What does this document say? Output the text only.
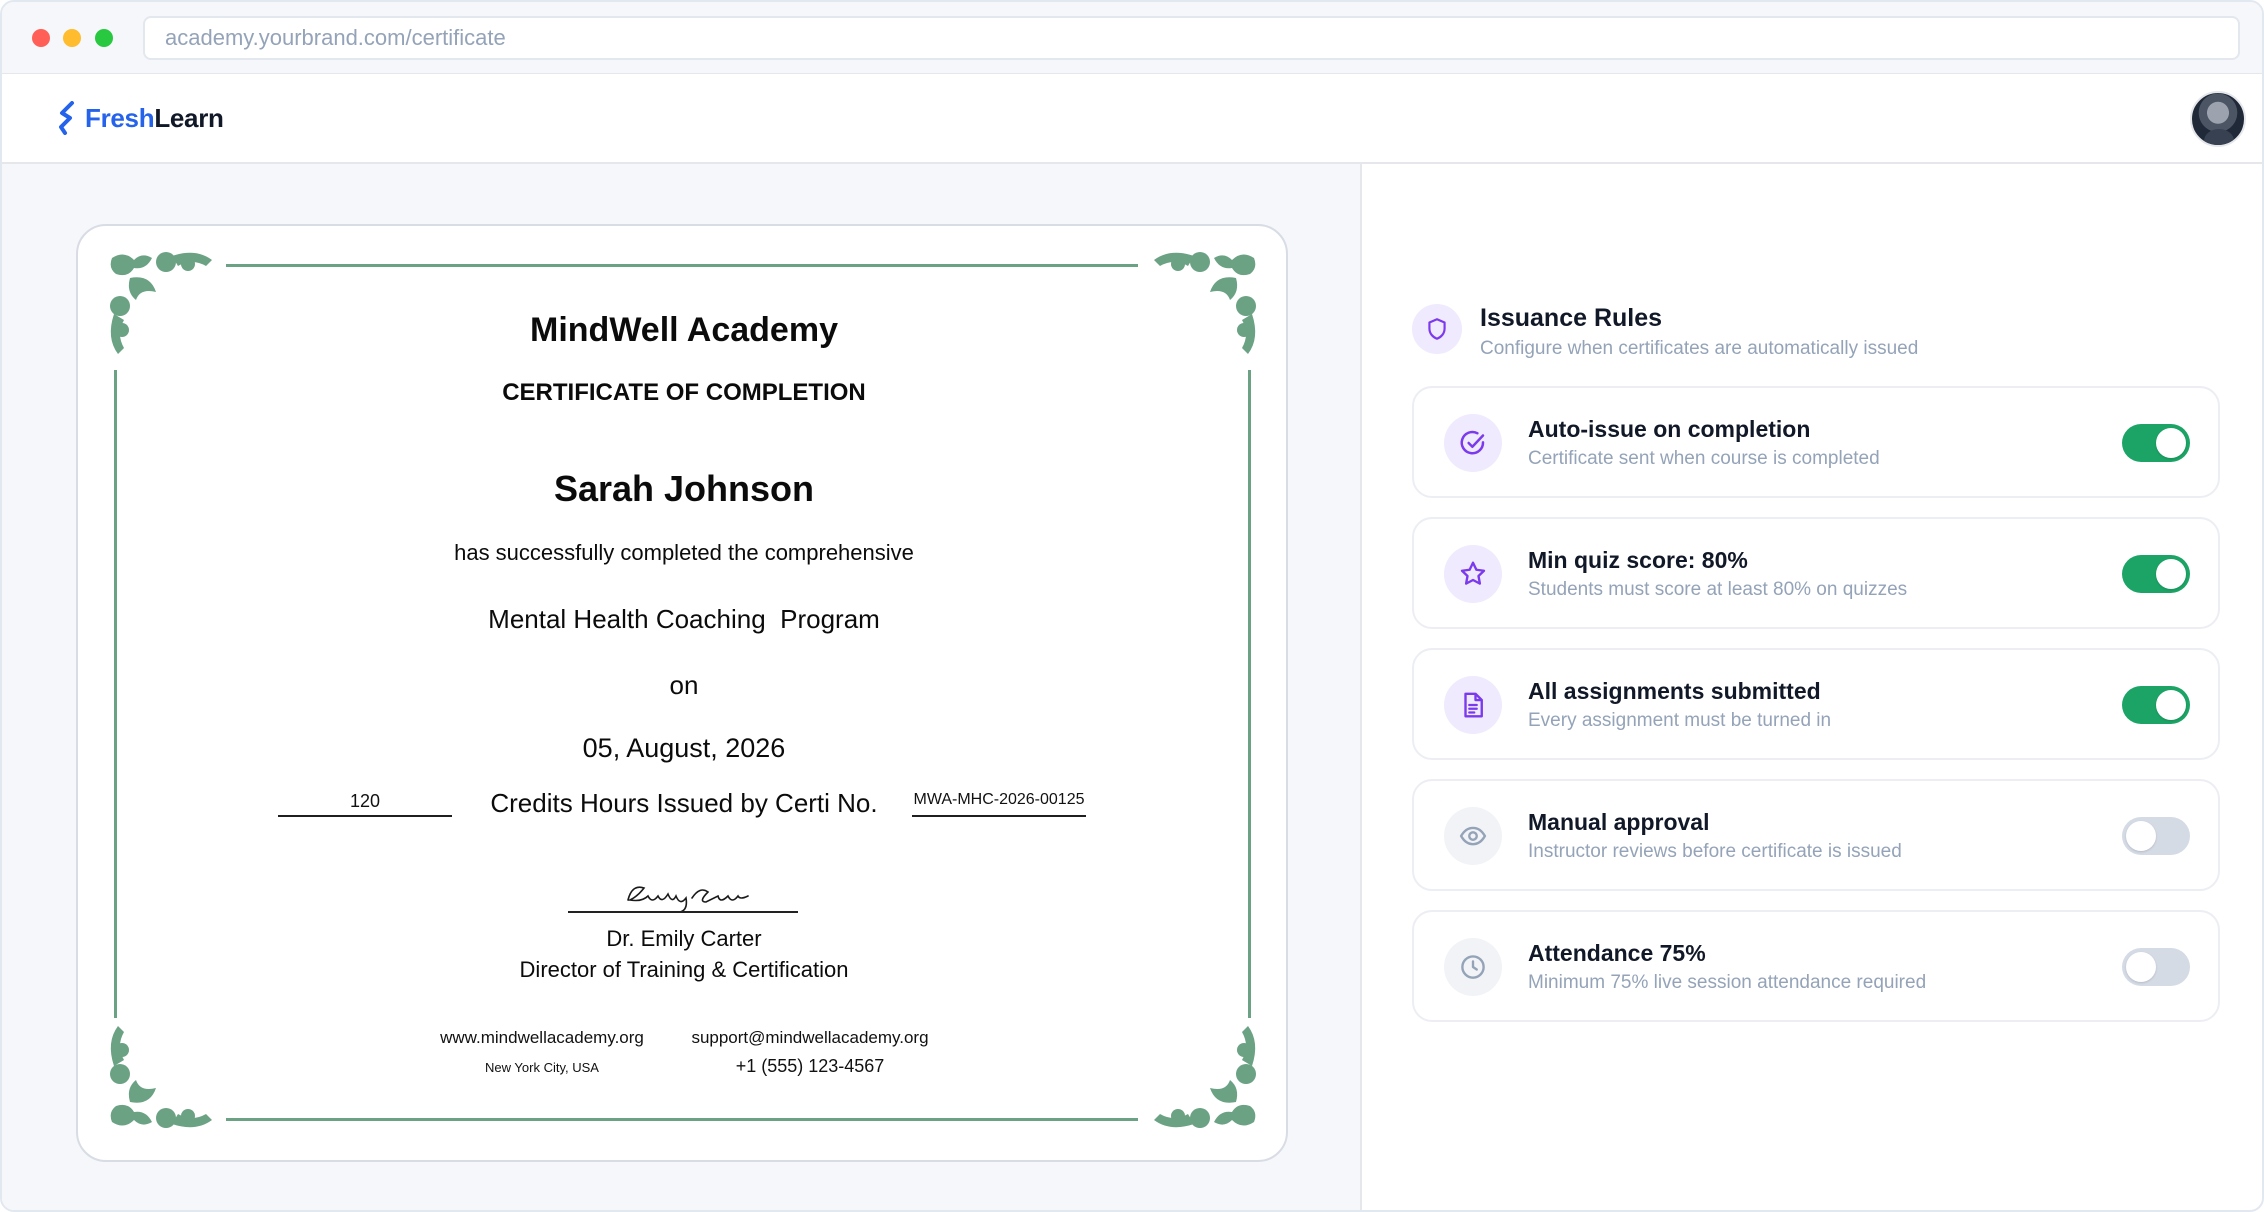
academy.yourbrand.com/certificate
FreshLearn
MindWell Academy
CERTIFICATE OF COMPLETION
Sarah Johnson
has successfully completed the comprehensive
Mental Health Coaching  Program
on
05, August, 2026
Credits Hours Issued by Certi No.
120	MWA-MHC-2026-00125
Dr. Emily Carter
Director of Training & Certification
www.mindwellacademy.org
New York City, USA
support@mindwellacademy.org
+1 (555) 123-4567
Issuance Rules
Configure when certificates are automatically issued
Auto-issue on completion
Certificate sent when course is completed
Min quiz score: 80%
Students must score at least 80% on quizzes
All assignments submitted
Every assignment must be turned in
Manual approval
Instructor reviews before certificate is issued
Attendance 75%
Minimum 75% live session attendance required
